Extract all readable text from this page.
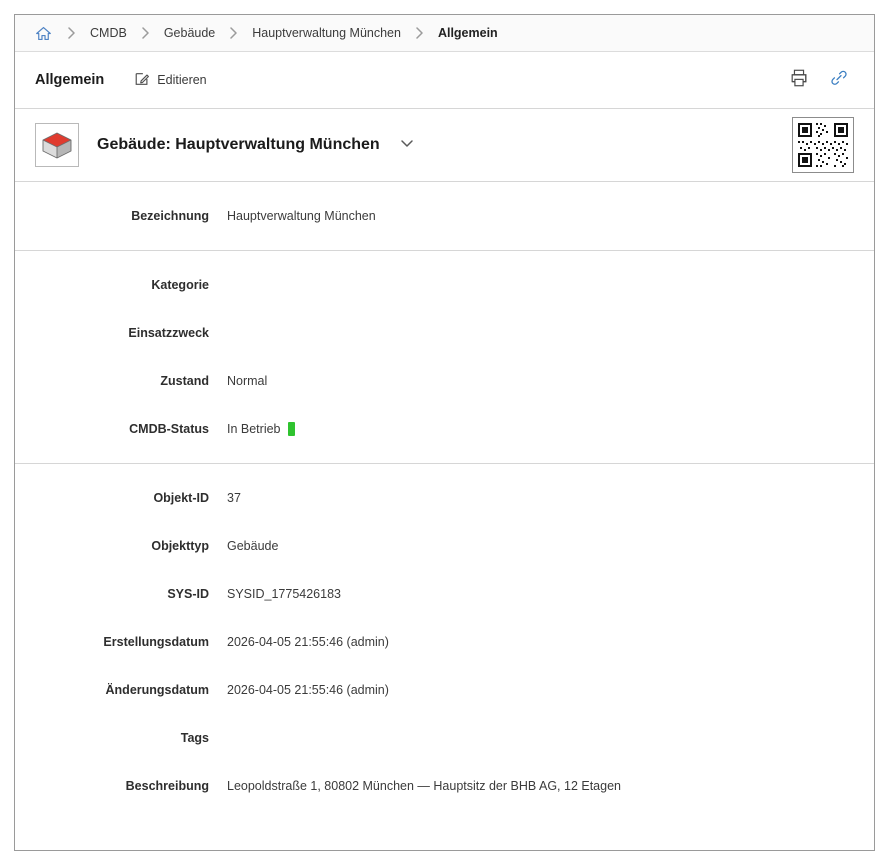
CMDB	Gebäude	Hauptverwaltung München	Allgemein
Allgemein	Editieren
Gebäude: Hauptverwaltung München
Bezeichnung	Hauptverwaltung München
Kategorie
Einsatzzweck
Zustand	Normal
CMDB-Status	In Betrieb
Objekt-ID	37
Objekttyp	Gebäude
SYS-ID	SYSID_1775426183
Erstellungsdatum	2026-04-05 21:55:46 (admin)
Änderungsdatum	2026-04-05 21:55:46 (admin)
Tags
Beschreibung	Leopoldstraße 1, 80802 München — Hauptsitz der BHB AG, 12 Etagen
